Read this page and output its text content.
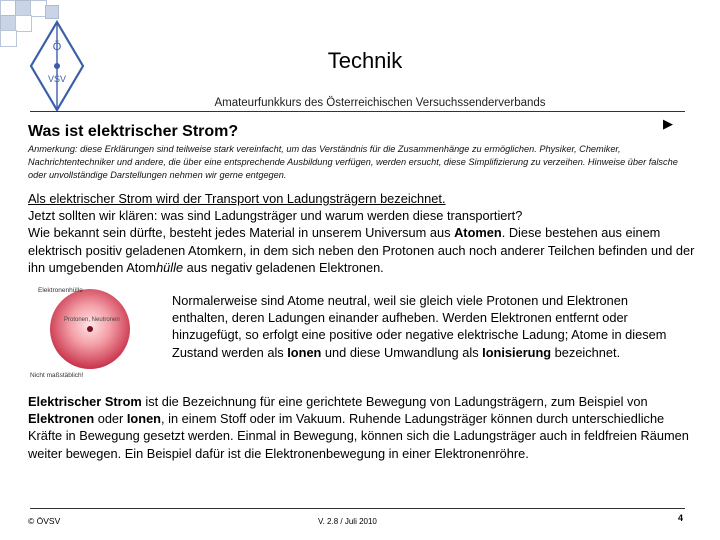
Ö
VSV
Technik
Amateurfunkkurs des Österreichischen Versuchssenderverbands
Was ist elektrischer Strom?	▶
Anmerkung: diese Erklärungen sind teilweise stark vereinfacht, um das Verständnis für die Zusammenhänge zu ermöglichen. Physiker, Chemiker, Nachrichtentechniker und andere, die über eine entsprechende Ausbildung verfügen, werden ersucht, diese Simplifizierung zu verzeihen. Hinweise über falsche oder unvollständige Darstellungen nehmen wir gerne entgegen.
Als elektrischer Strom wird der Transport von Ladungsträgern bezeichnet.
Jetzt sollten wir klären: was sind Ladungsträger und warum werden diese transportiert?
Wie bekannt sein dürfte, besteht jedes Material in unserem Universum aus Atomen. Diese bestehen aus einem elektrisch positiv geladenen Atomkern, in dem sich neben den Protonen auch noch anderer Teilchen befinden und der ihn umgebenden Atomhülle aus negativ geladenen Elektronen.
Elektronenhülle
Protonen, Neutronen
Nicht maßstäblich!
Normalerweise sind Atome neutral, weil sie gleich viele Protonen und Elektronen enthalten, deren Ladungen einander aufheben. Werden Elektronen entfernt oder hinzugefügt, so erfolgt eine positive oder negative elektrische Ladung; Atome in diesem Zustand werden als Ionen und diese Umwandlung als Ionisierung bezeichnet.
Elektrischer Strom ist die Bezeichnung für eine gerichtete Bewegung von Ladungsträgern, zum Beispiel von Elektronen oder Ionen, in einem Stoff oder im Vakuum. Ruhende Ladungsträger können durch unterschiedliche Kräfte in Bewegung gesetzt werden. Einmal in Bewegung, können sich die Ladungsträger auch in feldfreien Räumen weiter bewegen. Ein Beispiel dafür ist die Elektronenbewegung in einer Elektronenröhre.
© ÖVSV	V. 2.8 / Juli 2010	4
